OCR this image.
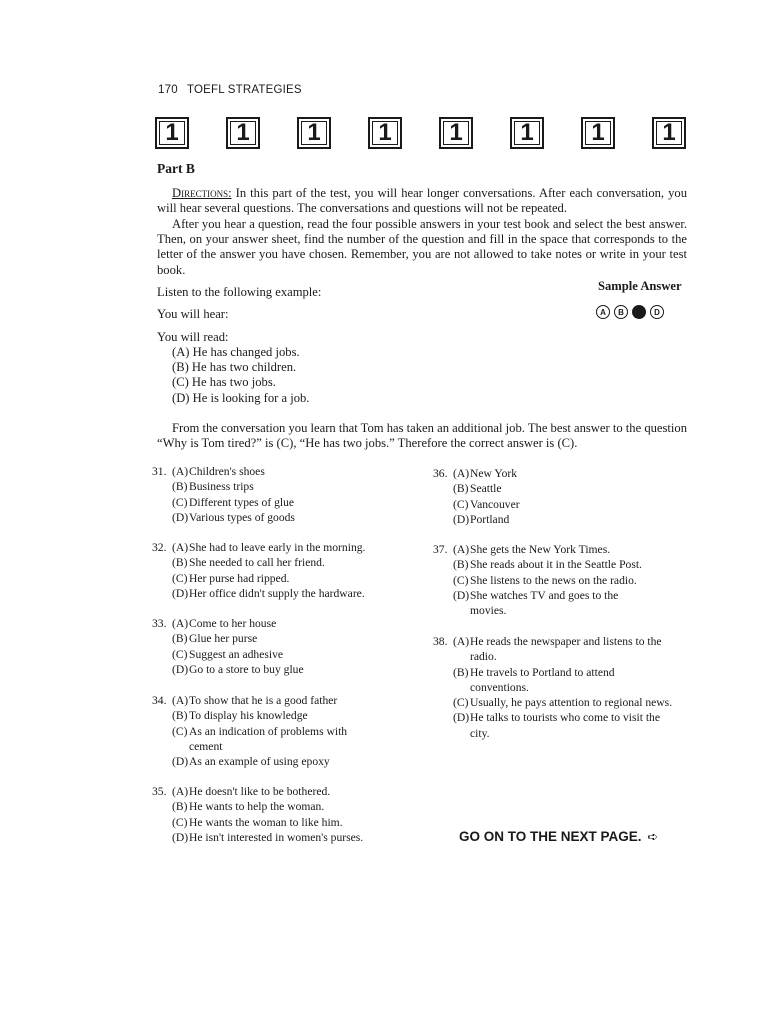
170 TOEFL STRATEGIES
1 1 1 1 1 1 1 1
Part B
Directions: In this part of the test, you will hear longer conversations. After each conversation, you will hear several questions. The conversations and questions will not be repeated.
After you hear a question, read the four possible answers in your test book and select the best answer. Then, on your answer sheet, find the number of the question and fill in the space that corresponds to the letter of the answer you have chosen. Remember, you are not allowed to take notes or write in your test book.
Listen to the following example:	Sample Answer
You will hear:	A B C D
You will read:
(A) He has changed jobs.
(B) He has two children.
(C) He has two jobs.
(D) He is looking for a job.
From the conversation you learn that Tom has taken an additional job. The best answer to the question “Why is Tom tired?” is (C), “He has two jobs.” Therefore the correct answer is (C).
31. (A) Children's shoes
(B) Business trips
(C) Different types of glue
(D) Various types of goods
32. (A) She had to leave early in the morning.
(B) She needed to call her friend.
(C) Her purse had ripped.
(D) Her office didn't supply the hardware.
33. (A) Come to her house
(B) Glue her purse
(C) Suggest an adhesive
(D) Go to a store to buy glue
34. (A) To show that he is a good father
(B) To display his knowledge
(C) As an indication of problems with cement
(D) As an example of using epoxy
35. (A) He doesn't like to be bothered.
(B) He wants to help the woman.
(C) He wants the woman to like him.
(D) He isn't interested in women's purses.
36. (A) New York
(B) Seattle
(C) Vancouver
(D) Portland
37. (A) She gets the New York Times.
(B) She reads about it in the Seattle Post.
(C) She listens to the news on the radio.
(D) She watches TV and goes to the movies.
38. (A) He reads the newspaper and listens to the radio.
(B) He travels to Portland to attend conventions.
(C) Usually, he pays attention to regional news.
(D) He talks to tourists who come to visit the city.
GO ON TO THE NEXT PAGE. ➪
